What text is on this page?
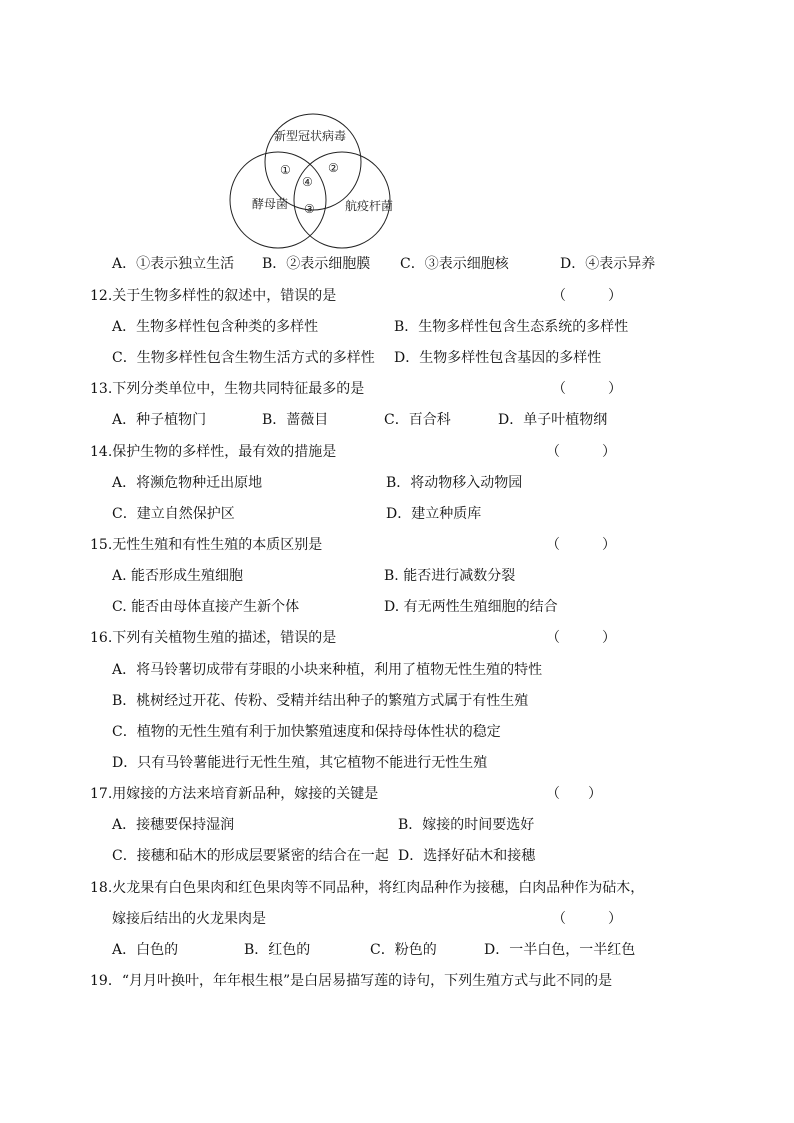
新型冠状病毒
①	②
④
③
酵母菌	航疫杆菌
A．①表示独立生活 B．②表示细胞膜 C．③表示细胞核	D．④表示异养
12.关于生物多样性的叙述中，错误的是	（　　　）
A．生物多样性包含种类的多样性	B．生物多样性包含生态系统的多样性
C．生物多样性包含生物生活方式的多样性 D．生物多样性包含基因的多样性
13.下列分类单位中，生物共同特征最多的是	（　　　）
A．种子植物门	B．蔷薇目	C．百合科	D．单子叶植物纲
14.保护生物的多样性，最有效的措施是	（　　　）
A．将濒危物种迁出原地	B．将动物移入动物园
C．建立自然保护区	D．建立种质库
15.无性生殖和有性生殖的本质区别是	（　　　）
A. 能否形成生殖细胞	B. 能否进行减数分裂
C. 能否由母体直接产生新个体	D. 有无两性生殖细胞的结合
16.下列有关植物生殖的描述，错误的是	（　　　）
A．将马铃薯切成带有芽眼的小块来种植，利用了植物无性生殖的特性
B．桃树经过开花、传粉、受精并结出种子的繁殖方式属于有性生殖
C．植物的无性生殖有利于加快繁殖速度和保持母体性状的稳定
D．只有马铃薯能进行无性生殖，其它植物不能进行无性生殖
17.用嫁接的方法来培育新品种，嫁接的关键是	（　　）
A．接穗要保持湿润	B．嫁接的时间要选好
C．接穗和砧木的形成层要紧密的结合在一起 D．选择好砧木和接穗
18.火龙果有白色果肉和红色果肉等不同品种，将红肉品种作为接穗，白肉品种作为砧木，
嫁接后结出的火龙果肉是	（　　　）
A．白色的	B．红色的	C．粉色的	D．一半白色，一半红色
19．“月月叶换叶，年年根生根”是白居易描写莲的诗句，下列生殖方式与此不同的是
